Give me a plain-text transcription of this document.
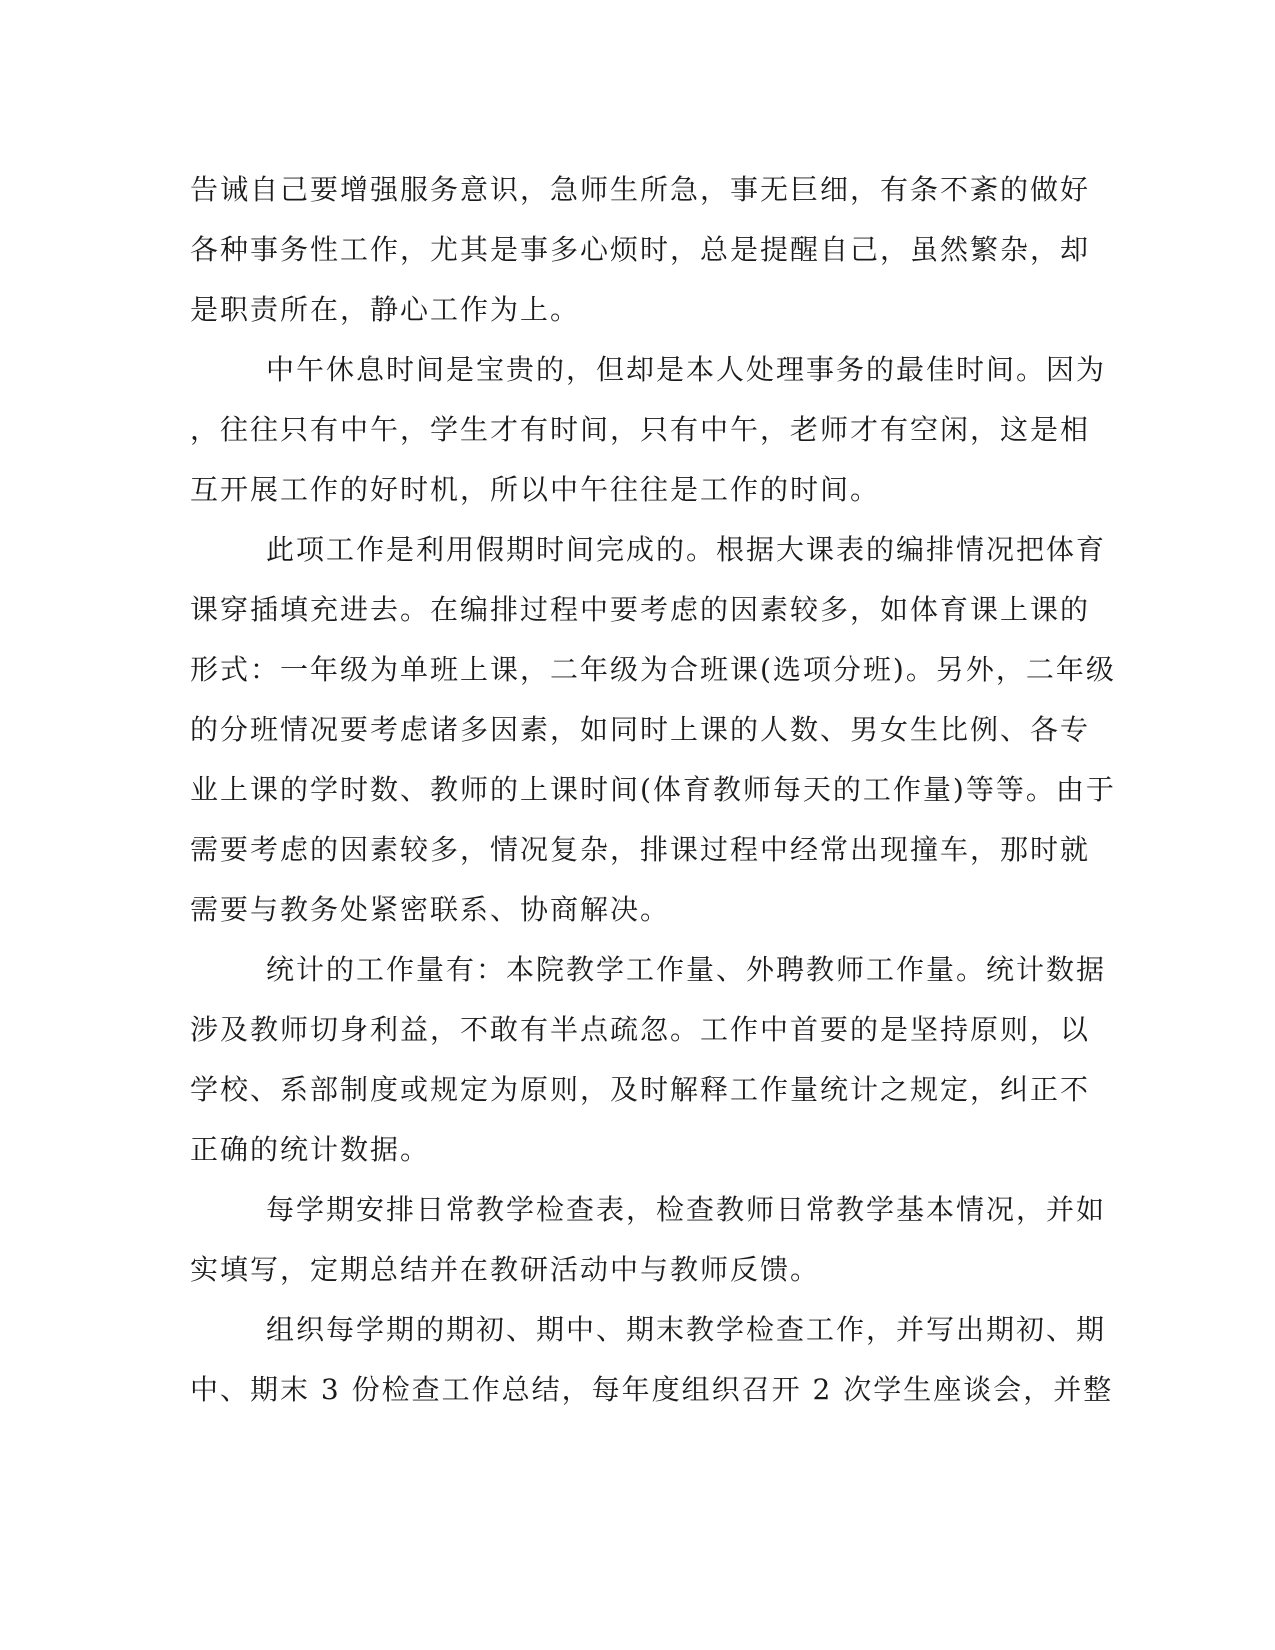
告诫自己要增强服务意识，急师生所急，事无巨细，有条不紊的做好
各种事务性工作，尤其是事多心烦时，总是提醒自己，虽然繁杂，却
是职责所在，静心工作为上。
中午休息时间是宝贵的，但却是本人处理事务的最佳时间。因为
，往往只有中午，学生才有时间，只有中午，老师才有空闲，这是相
互开展工作的好时机，所以中午往往是工作的时间。
此项工作是利用假期时间完成的。根据大课表的编排情况把体育
课穿插填充进去。在编排过程中要考虑的因素较多，如体育课上课的
形式：一年级为单班上课，二年级为合班课(选项分班)。另外，二年级
的分班情况要考虑诸多因素，如同时上课的人数、男女生比例、各专
业上课的学时数、教师的上课时间(体育教师每天的工作量)等等。由于
需要考虑的因素较多，情况复杂，排课过程中经常出现撞车，那时就
需要与教务处紧密联系、协商解决。
统计的工作量有：本院教学工作量、外聘教师工作量。统计数据
涉及教师切身利益，不敢有半点疏忽。工作中首要的是坚持原则，以
学校、系部制度或规定为原则，及时解释工作量统计之规定，纠正不
正确的统计数据。
每学期安排日常教学检查表，检查教师日常教学基本情况，并如
实填写，定期总结并在教研活动中与教师反馈。
组织每学期的期初、期中、期末教学检查工作，并写出期初、期
中、期末 3 份检查工作总结，每年度组织召开 2 次学生座谈会，并整
